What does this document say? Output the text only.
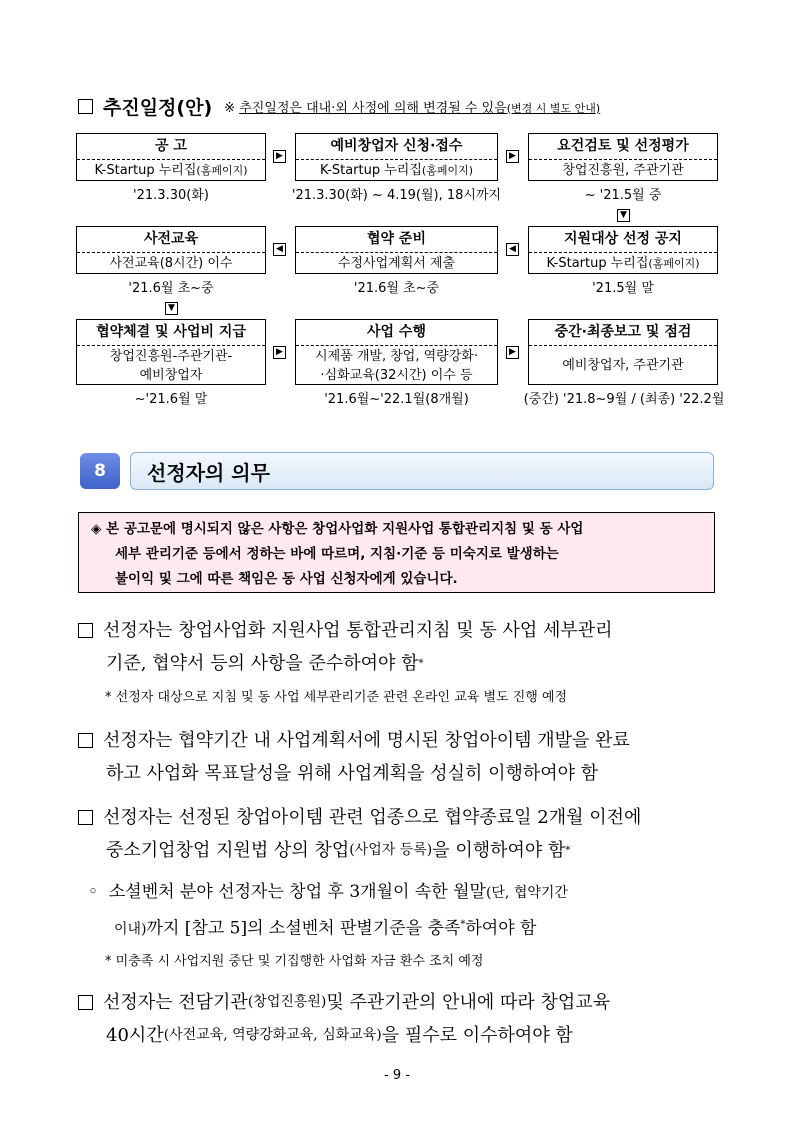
추진일정(안) ※ 추진일정은 대내·외 사정에 의해 변경될 수 있음(변경 시 별도 안내)
공 고
K-Startup 누리집(홈페이지)
'21.3.30(화)
▶
예비창업자 신청·접수
K-Startup 누리집(홈페이지)
'21.3.30(화) ~ 4.19(월), 18시까지
▶
요건검토 및 선정평가
창업진흥원, 주관기관
~ '21.5월 중
▼
사전교육
사전교육(8시간) 이수
'21.6월 초~중
◀
협약 준비
수정사업계획서 제출
'21.6월 초~중
◀
지원대상 선정 공지
K-Startup 누리집(홈페이지)
'21.5월 말
▼
협약체결 및 사업비 지급
창업진흥원-주관기관-
예비창업자
~'21.6월 말
▶
사업 수행
시제품 개발, 창업, 역량강화·
·심화교육(32시간) 이수 등
'21.6월~'22.1월(8개월)
▶
중간·최종보고 및 점검
예비창업자, 주관기관
(중간) '21.8~9월 / (최종) '22.2월
8	선정자의 의무
◈ 본 공고문에 명시되지 않은 사항은 창업사업화 지원사업 통합관리지침 및 동 사업
세부 관리기준 등에서 정하는 바에 따르며, 지침·기준 등 미숙지로 발생하는
불이익 및 그에 따른 책임은 동 사업 신청자에게 있습니다.
선정자는 창업사업화 지원사업 통합관리지침 및 동 사업 세부관리
기준, 협약서 등의 사항을 준수하여야 함 *
* 선정자 대상으로 지침 및 동 사업 세부관리기준 관련 온라인 교육 별도 진행 예정
선정자는 협약기간 내 사업계획서에 명시된 창업아이템 개발을 완료
하고 사업화 목표달성을 위해 사업계획을 성실히 이행하여야 함
선정자는 선정된 창업아이템 관련 업종으로 협약종료일 2개월 이전에
중소기업창업 지원법 상의 창업 (사업자 등록) 을 이행하여야 함 *
◦ 소셜벤처 분야 선정자는 창업 후 3개월이 속한 월말(단, 협약기간
이내)까지 [참고 5]의 소셜벤처 판별기준을 충족*하여야 함
* 미충족 시 사업지원 중단 및 기집행한 사업화 자금 환수 조치 예정
선정자는 전담기관 (창업진흥원) 및 주관기관의 안내에 따라 창업교육
40시간 (사전교육, 역량강화교육, 심화교육) 을 필수로 이수하여야 함
- 9 -
